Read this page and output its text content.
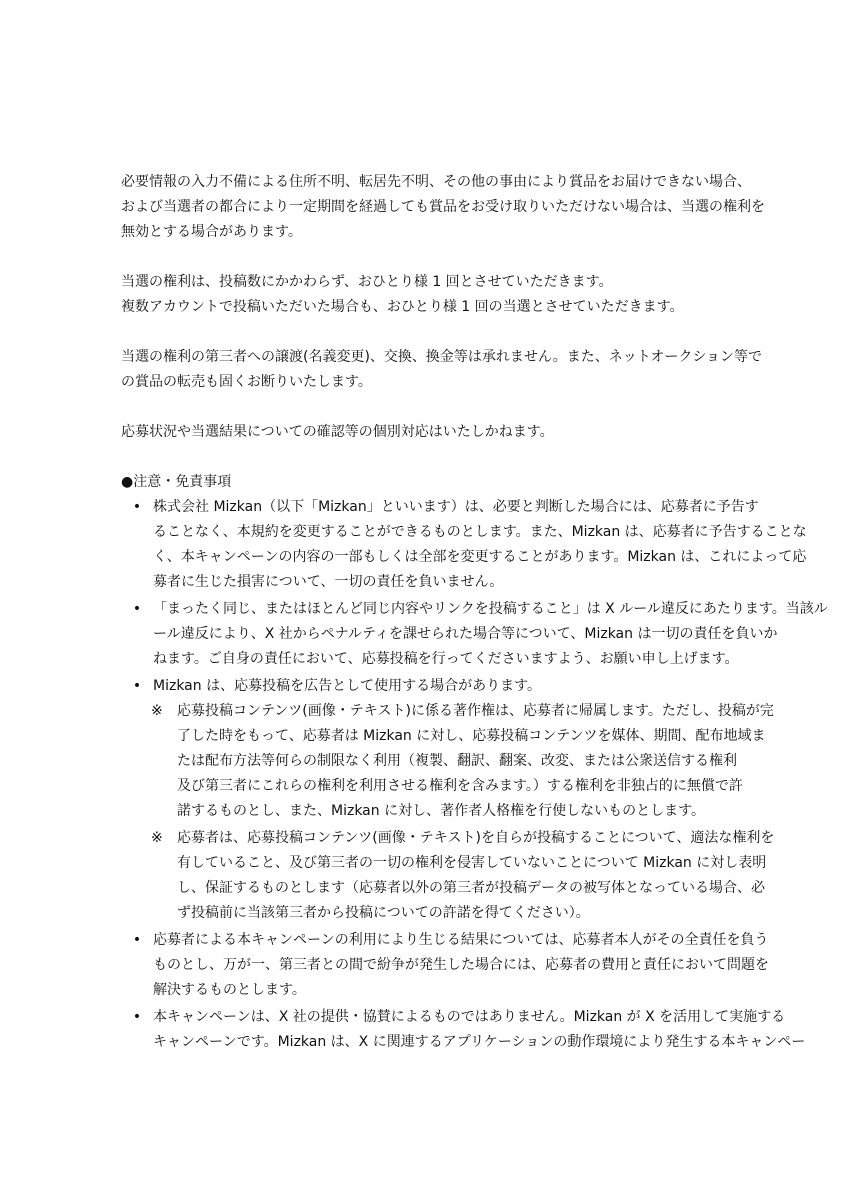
必要情報の入力不備による住所不明、転居先不明、その他の事由により賞品をお届けできない場合、
および当選者の都合により一定期間を経過しても賞品をお受け取りいただけない場合は、当選の権利を
無効とする場合があります。
当選の権利は、投稿数にかかわらず、おひとり様 1 回とさせていただきます。
複数アカウントで投稿いただいた場合も、おひとり様 1 回の当選とさせていただきます。
当選の権利の第三者への譲渡(名義変更)、交換、換金等は承れません。また、ネットオークション等で
の賞品の転売も固くお断りいたします。
応募状況や当選結果についての確認等の個別対応はいたしかねます。
●注意・免責事項
• 株式会社 Mizkan（以下「Mizkan」といいます）は、必要と判断した場合には、応募者に予告す
ることなく、本規約を変更することができるものとします。また、Mizkan は、応募者に予告することな
く、本キャンペーンの内容の一部もしくは全部を変更することがあります。Mizkan は、これによって応
募者に生じた損害について、一切の責任を負いません。
• 「まったく同じ、またはほとんど同じ内容やリンクを投稿すること」は X ルール違反にあたります。当該ル
ール違反により、X 社からペナルティを課せられた場合等について、Mizkan は一切の責任を負いか
ねます。ご自身の責任において、応募投稿を行ってくださいますよう、お願い申し上げます。
• Mizkan は、応募投稿を広告として使用する場合があります。
※ 応募投稿コンテンツ(画像・テキスト)に係る著作権は、応募者に帰属します。ただし、投稿が完
了した時をもって、応募者は Mizkan に対し、応募投稿コンテンツを媒体、期間、配布地域ま
たは配布方法等何らの制限なく利用（複製、翻訳、翻案、改変、または公衆送信する権利
及び第三者にこれらの権利を利用させる権利を含みます。）する権利を非独占的に無償で許
諾するものとし、また、Mizkan に対し、著作者人格権を行使しないものとします。
※ 応募者は、応募投稿コンテンツ(画像・テキスト)を自らが投稿することについて、適法な権利を
有していること、及び第三者の一切の権利を侵害していないことについて Mizkan に対し表明
し、保証するものとします（応募者以外の第三者が投稿データの被写体となっている場合、必
ず投稿前に当該第三者から投稿についての許諾を得てください）。
• 応募者による本キャンペーンの利用により生じる結果については、応募者本人がその全責任を負う
ものとし、万が一、第三者との間で紛争が発生した場合には、応募者の費用と責任において問題を
解決するものとします。
• 本キャンペーンは、X 社の提供・協賛によるものではありません。Mizkan が X を活用して実施する
キャンペーンです。Mizkan は、X に関連するアプリケーションの動作環境により発生する本キャンペー
